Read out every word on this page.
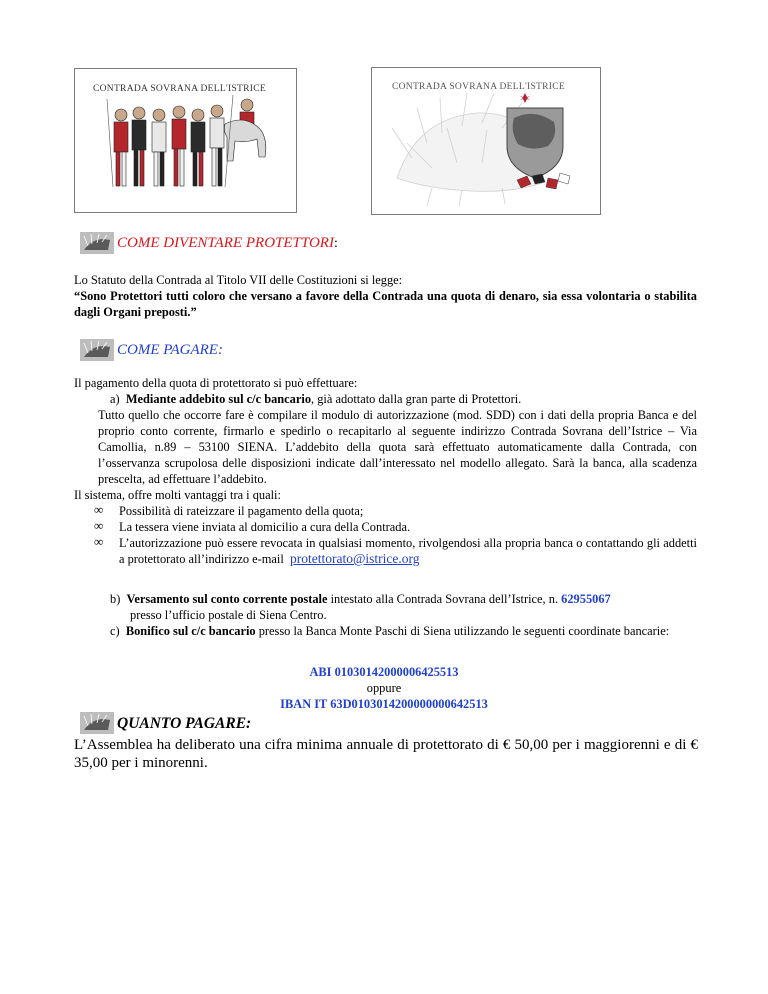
CONTRADA SOVRANA DELL'ISTRICE	CONTRADA SOVRANA DELL'ISTRICE
COME DIVENTARE PROTETTORI:
Lo Statuto della Contrada al Titolo VII delle Costituzioni si legge:
“Sono Protettori tutti coloro che versano a favore della Contrada una quota di denaro, sia essa volontaria o stabilita dagli Organi preposti.”
COME PAGARE:
Il pagamento della quota di protettorato si può effettuare:
a) Mediante addebito sul c/c bancario, già adottato dalla gran parte di Protettori.
Tutto quello che occorre fare è compilare il modulo di autorizzazione (mod. SDD) con i dati della propria Banca e del proprio conto corrente, firmarlo e spedirlo o recapitarlo al seguente indirizzo Contrada Sovrana dell’Istrice – Via Camollia, n.89 – 53100 SIENA. L’addebito della quota sarà effettuato automaticamente dalla Contrada, con l’osservanza scrupolosa delle disposizioni indicate dall’interessato nel modello allegato. Sarà la banca, alla scadenza prescelta, ad effettuare l’addebito.
Il sistema, offre molti vantaggi tra i quali:
∞ Possibilità di rateizzare il pagamento della quota;
∞ La tessera viene inviata al domicilio a cura della Contrada.
∞ L’autorizzazione può essere revocata in qualsiasi momento, rivolgendosi alla propria banca o contattando gli addetti a protettorato all’indirizzo e-mail protettorato@istrice.org
b) Versamento sul conto corrente postale intestato alla Contrada Sovrana dell’Istrice, n. 62955067
presso l’ufficio postale di Siena Centro.
c) Bonifico sul c/c bancario presso la Banca Monte Paschi di Siena utilizzando le seguenti coordinate bancarie:
ABI 01030142000006425513
oppure
IBAN IT 63D0103014200000000642513
QUANTO PAGARE:
L’Assemblea ha deliberato una cifra minima annuale di protettorato di € 50,00 per i maggiorenni e di € 35,00 per i minorenni.
